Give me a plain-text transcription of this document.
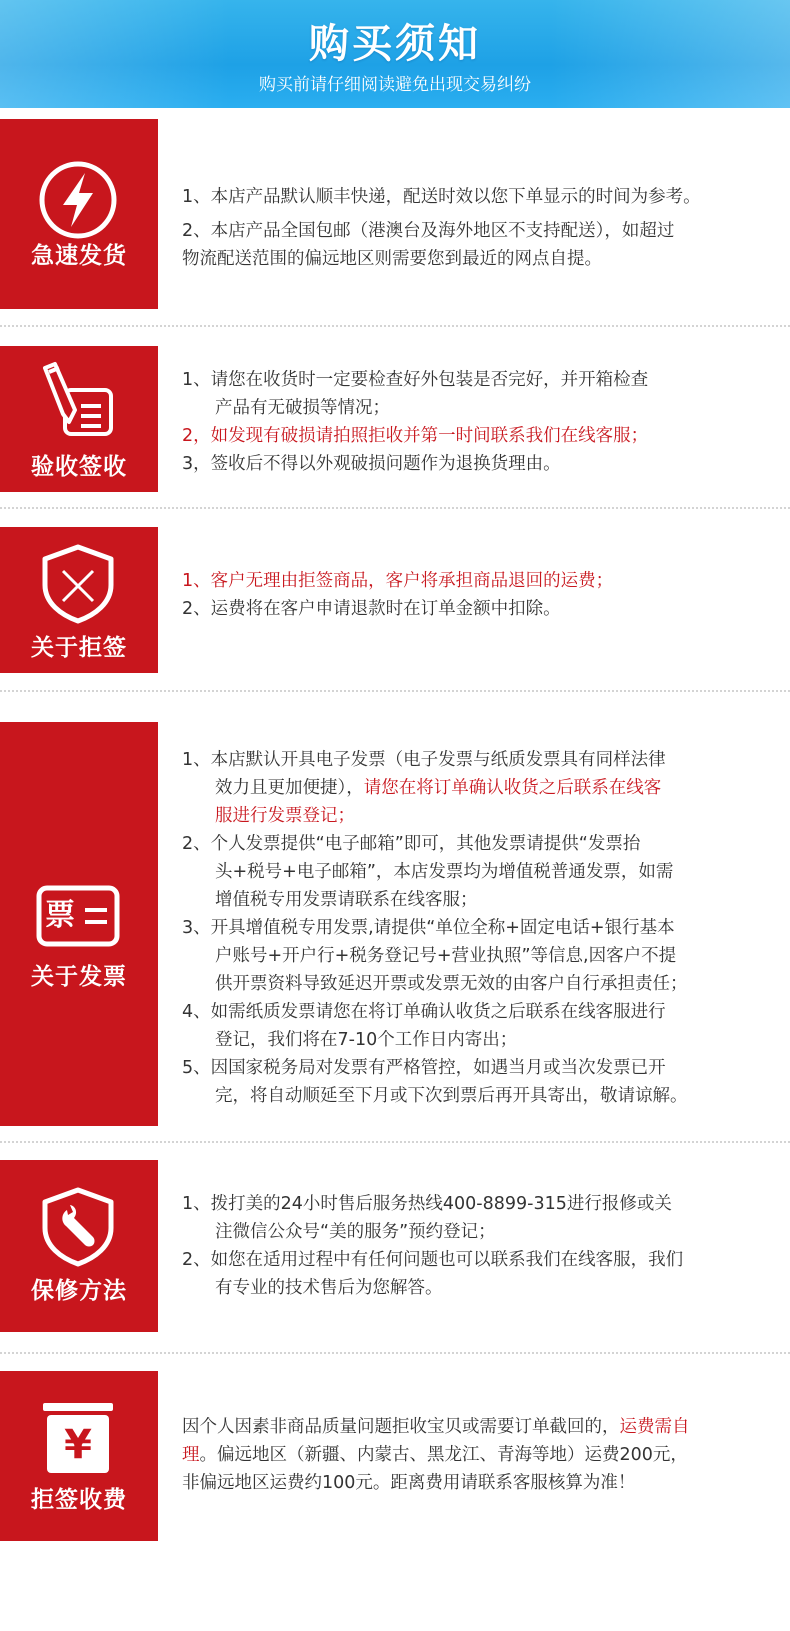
购买须知
购买前请仔细阅读避免出现交易纠纷
急速发货

1、本店产品默认顺丰快递，配送时效以您下单显示的时间为参考。

2、本店产品全国包邮（港澳台及海外地区不支持配送），如超过

物流配送范围的偏远地区则需要您到最近的网点自提。

验收签收

1、请您在收货时一定要检查好外包装是否完好，并开箱检查

产品有无破损等情况；

2，如发现有破损请拍照拒收并第一时间联系我们在线客服；

3，签收后不得以外观破损问题作为退换货理由。

关于拒签

1、客户无理由拒签商品，客户将承担商品退回的运费；

2、运费将在客户申请退款时在订单金额中扣除。

票
关于发票

1、本店默认开具电子发票（电子发票与纸质发票具有同样法律

效力且更加便捷），请您在将订单确认收货之后联系在线客

服进行发票登记；

2、个人发票提供“电子邮箱”即可，其他发票请提供“发票抬

头+税号+电子邮箱”，本店发票均为增值税普通发票，如需

增值税专用发票请联系在线客服；

3、开具增值税专用发票,请提供“单位全称+固定电话+银行基本

户账号+开户行+税务登记号+营业执照”等信息,因客户不提

供开票资料导致延迟开票或发票无效的由客户自行承担责任；

4、如需纸质发票请您在将订单确认收货之后联系在线客服进行

登记，我们将在7-10个工作日内寄出；

5、因国家税务局对发票有严格管控，如遇当月或当次发票已开

完，将自动顺延至下月或下次到票后再开具寄出，敬请谅解。

保修方法

1、拨打美的24小时售后服务热线400-8899-315进行报修或关

注微信公众号“美的服务”预约登记；

2、如您在适用过程中有任何问题也可以联系我们在线客服，我们

有专业的技术售后为您解答。

¥
拒签收费

因个人因素非商品质量问题拒收宝贝或需要订单截回的，运费需自

理。偏远地区（新疆、内蒙古、黑龙江、青海等地）运费200元，

非偏远地区运费约100元。距离费用请联系客服核算为准！
